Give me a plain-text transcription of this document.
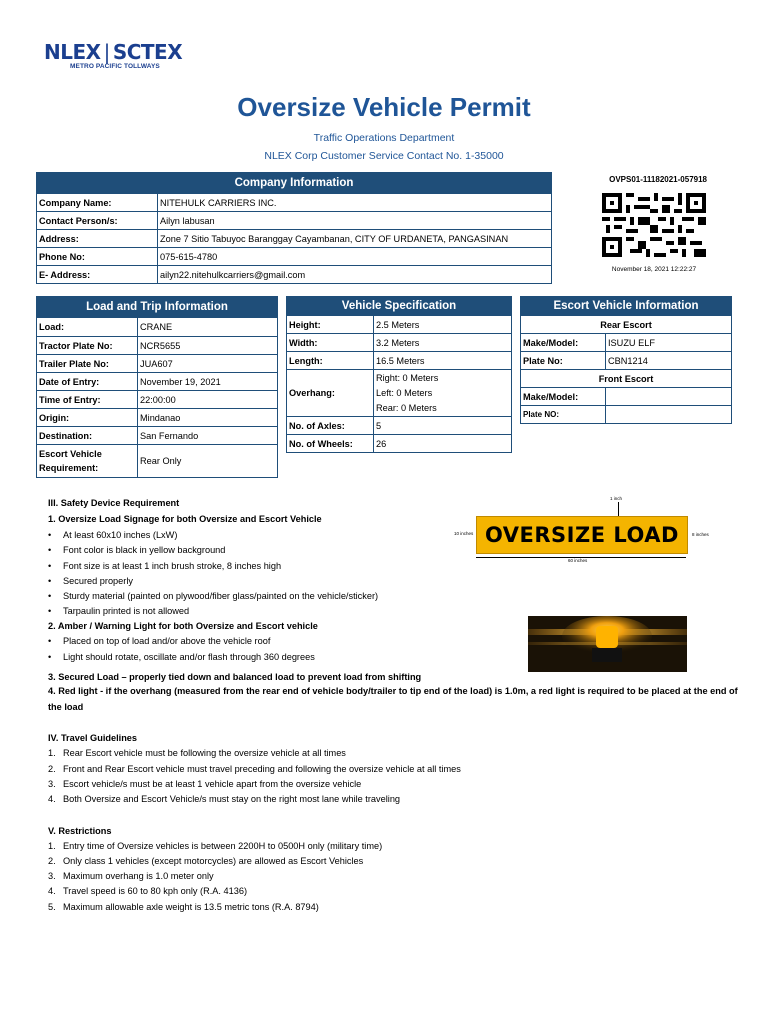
NLEX | SCTEX
METRO PACIFIC TOLLWAYS
Oversize Vehicle Permit
Traffic Operations Department
NLEX Corp Customer Service Contact No. 1-35000
Company Information	
Company Name:	NITEHULK CARRIERS INC.
Contact Person/s:	Ailyn labusan
Address:	Zone 7 Sitio Tabuyoc Baranggay Cayambanan, CITY OF URDANETA, PANGASINAN
Phone No:	075-615-4780
E- Address:	ailyn22.nitehulkcarriers@gmail.com
OVPS01-11182021-057918
November 18, 2021 12:22:27
Load and Trip Information	
Load:	CRANE
Tractor Plate No:	NCR5655
Trailer Plate No:	JUA607
Date of Entry:	November 19, 2021
Time of Entry:	22:00:00
Origin:	Mindanao
Destination:	San Fernando
Escort Vehicle Requirement:	Rear Only
Vehicle Specification	
Height:	2.5 Meters
Width:	3.2 Meters
Length:	16.5 Meters
Overhang:	Right: 0 Meters
Left: 0 Meters
Rear: 0 Meters

No. of Axles:	5
No. of Wheels:	26
Escort Vehicle Information	
Rear Escort	
Make/Model:	ISUZU ELF
Plate No:	CBN1214
Front Escort	
Make/Model:	
Plate NO:	
III. Safety Device Requirement
1. Oversize Load Signage for both Oversize and Escort Vehicle
• At least 60x10 inches (LxW)
• Font color is black in yellow background
• Font size is at least 1 inch brush stroke, 8 inches high
• Secured properly
• Sturdy material (painted on plywood/fiber glass/painted on the vehicle/sticker)
• Tarpaulin printed is not allowed
2. Amber / Warning Light for both Oversize and Escort vehicle
• Placed on top of load and/or above the vehicle roof
• Light should rotate, oscillate and/or flash through 360 degrees
3. Secured Load – properly tied down and balanced load to prevent load from shifting
4. Red light - if the overhang (measured from the rear end of vehicle body/trailer to tip end of the load) is 1.0m, a red light is required to be placed at the end of the load
1 inch
10 inches	8 inches
OVERSIZE LOAD
60 inches
IV. Travel Guidelines
1. Rear Escort vehicle must be following the oversize vehicle at all times
2. Front and Rear Escort vehicle must travel preceding and following the oversize vehicle at all times
3. Escort vehicle/s must be at least 1 vehicle apart from the oversize vehicle
4. Both Oversize and Escort Vehicle/s must stay on the right most lane while traveling
V. Restrictions
1. Entry time of Oversize vehicles is between 2200H to 0500H only (military time)
2. Only class 1 vehicles (except motorcycles) are allowed as Escort Vehicles
3. Maximum overhang is 1.0 meter only
4. Travel speed is 60 to 80 kph only (R.A. 4136)
5. Maximum allowable axle weight is 13.5 metric tons (R.A. 8794)
